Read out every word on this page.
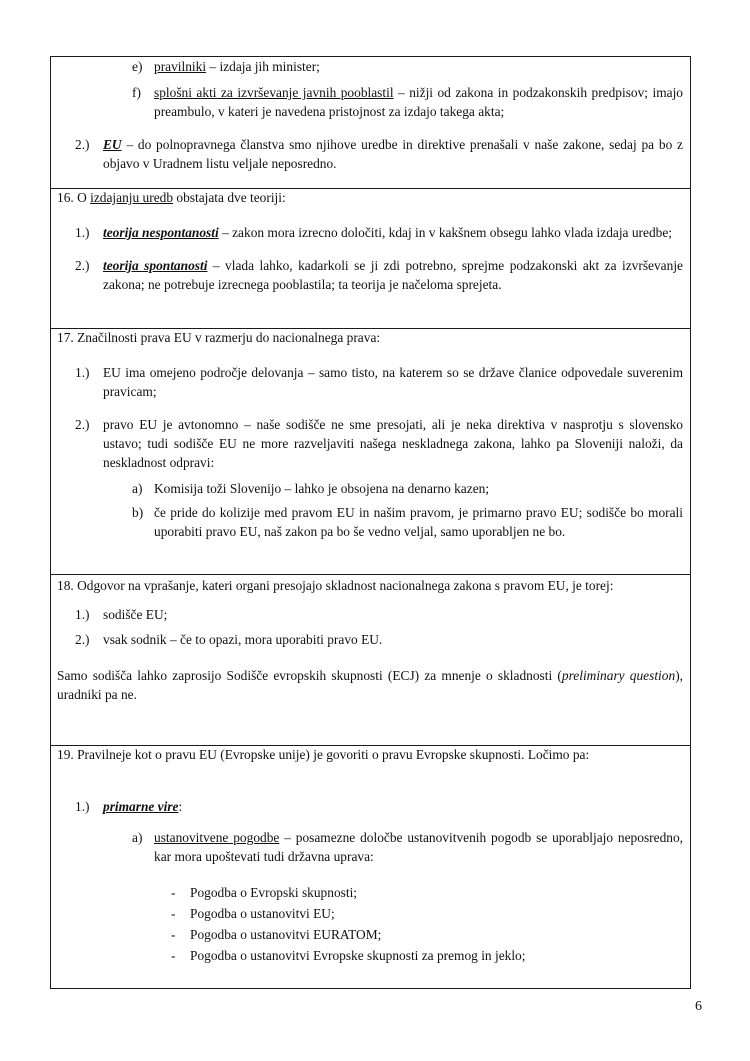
e) pravilniki – izdaja jih minister;
f) splošni akti za izvrševanje javnih pooblastil – nižji od zakona in podzakonskih predpisov; imajo preambulo, v kateri je navedena pristojnost za izdajo takega akta;
2.) EU – do polnopravnega članstva smo njihove uredbe in direktive prenašali v naše zakone, sedaj pa bo z objavo v Uradnem listu veljale neposredno.

16. O izdajanju uredb obstajata dve teoriji:

1.) teorija nespontanosti – zakon mora izrecno določiti, kdaj in v kakšnem obsegu lahko vlada izdaja uredbe;
2.) teorija spontanosti – vlada lahko, kadarkoli se ji zdi potrebno, sprejme podzakonski akt za izvrševanje zakona; ne potrebuje izrecnega pooblastila; ta teorija je načeloma sprejeta.

17. Značilnosti prava EU v razmerju do nacionalnega prava:

1.) EU ima omejeno področje delovanja – samo tisto, na katerem so se države članice odpovedale suverenim pravicam;
2.) pravo EU je avtonomno – naše sodišče ne sme presojati, ali je neka direktiva v nasprotju s slovensko ustavo; tudi sodišče EU ne more razveljaviti našega neskladnega zakona, lahko pa Sloveniji naloži, da neskladnost odpravi:
a) Komisija toži Slovenijo – lahko je obsojena na denarno kazen;
b) če pride do kolizije med pravom EU in našim pravom, je primarno pravo EU; sodišče bo morali uporabiti pravo EU, naš zakon pa bo še vedno veljal, samo uporabljen ne bo.

18. Odgovor na vprašanje, kateri organi presojajo skladnost nacionalnega zakona s pravom EU, je torej:

1.) sodišče EU;
2.) vsak sodnik – če to opazi, mora uporabiti pravo EU.

Samo sodišča lahko zaprosijo Sodišče evropskih skupnosti (ECJ) za mnenje o skladnosti (preliminary question), uradniki pa ne.

19. Pravilneje kot o pravu EU (Evropske unije) je govoriti o pravu Evropske skupnosti. Ločimo pa:

1.) primarne vire:
a) ustanovitvene pogodbe – posamezne določbe ustanovitvenih pogodb se uporabljajo neposredno, kar mora upoštevati tudi državna uprava:
- Pogodba o Evropski skupnosti;
- Pogodba o ustanovitvi EU;
- Pogodba o ustanovitvi EURATOM;
- Pogodba o ustanovitvi Evropske skupnosti za premog in jeklo;
6
